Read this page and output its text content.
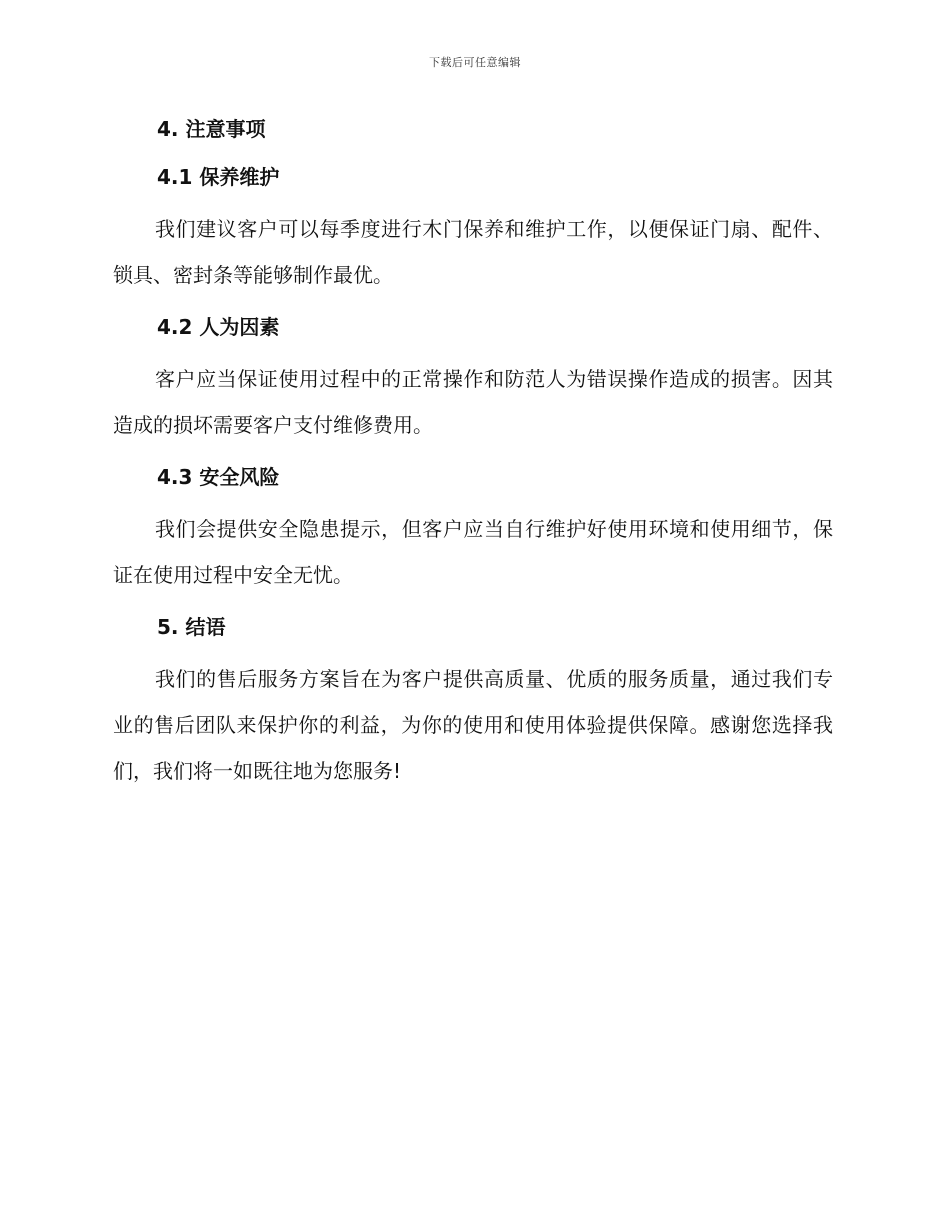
下载后可任意编辑
4. 注意事项
4.1 保养维护

我们建议客户可以每季度进行木门保养和维护工作，以便保证门扇、配件、锁具、密封条等能够制作最优。

4.2 人为因素

客户应当保证使用过程中的正常操作和防范人为错误操作造成的损害。因其造成的损坏需要客户支付维修费用。

4.3 安全风险

我们会提供安全隐患提示，但客户应当自行维护好使用环境和使用细节，保证在使用过程中安全无忧。

5. 结语

我们的售后服务方案旨在为客户提供高质量、优质的服务质量，通过我们专业的售后团队来保护你的利益，为你的使用和使用体验提供保障。感谢您选择我们，我们将一如既往地为您服务!
